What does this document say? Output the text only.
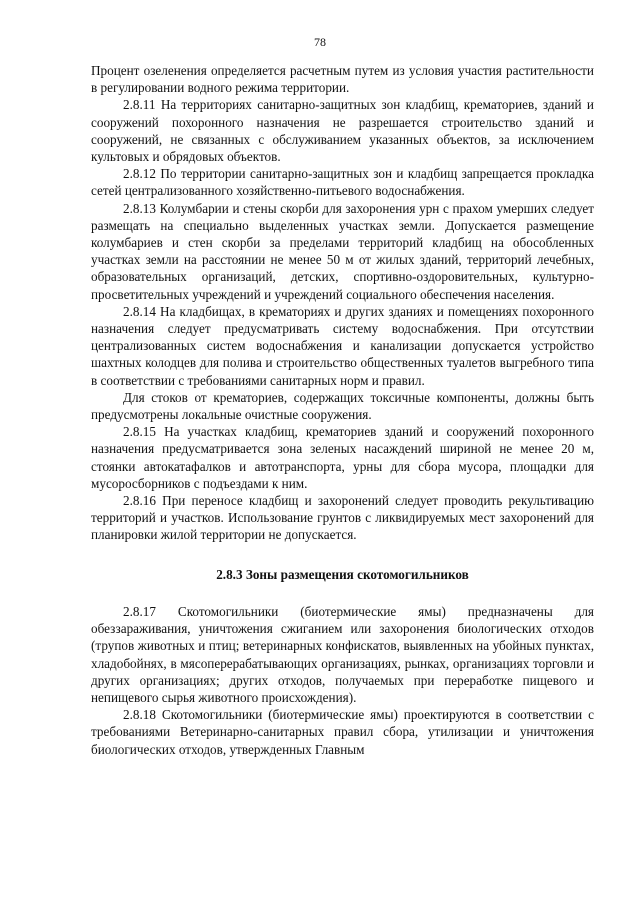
78

Процент озеленения определяется расчетным путем из условия участия растительности в регулировании водного режима территории.

2.8.11 На территориях санитарно-защитных зон кладбищ, крематориев, зданий и сооружений похоронного назначения не разрешается строительство зданий и сооружений, не связанных с обслуживанием указанных объектов, за исключением культовых и обрядовых объектов.

2.8.12 По территории санитарно-защитных зон и кладбищ запрещается прокладка сетей централизованного хозяйственно-питьевого водоснабжения.

2.8.13 Колумбарии и стены скорби для захоронения урн с прахом умерших следует размещать на специально выделенных участках земли. Допускается размещение колумбариев и стен скорби за пределами территорий кладбищ на обособленных участках земли на расстоянии не менее 50 м от жилых зданий, территорий лечебных, образовательных организаций, детских, спортивно-оздоровительных, культурно-просветительных учреждений и учреждений социального обеспечения населения.

2.8.14 На кладбищах, в крематориях и других зданиях и помещениях похоронного назначения следует предусматривать систему водоснабжения. При отсутствии централизованных систем водоснабжения и канализации допускается устройство шахтных колодцев для полива и строительство общественных туалетов выгребного типа в соответствии с требованиями санитарных норм и правил.

Для стоков от крематориев, содержащих токсичные компоненты, должны быть предусмотрены локальные очистные сооружения.

2.8.15 На участках кладбищ, крематориев зданий и сооружений похоронного назначения предусматривается зона зеленых насаждений шириной не менее 20 м, стоянки автокатафалков и автотранспорта, урны для сбора мусора, площадки для мусоросборников с подъездами к ним.

2.8.16 При переносе кладбищ и захоронений следует проводить рекультивацию территорий и участков. Использование грунтов с ликвидируемых мест захоронений для планировки жилой территории не допускается.

2.8.3 Зоны размещения скотомогильников

2.8.17 Скотомогильники (биотермические ямы) предназначены для обеззараживания, уничтожения сжиганием или захоронения биологических отходов (трупов животных и птиц; ветеринарных конфискатов, выявленных на убойных пунктах, хладобойнях, в мясоперерабатывающих организациях, рынках, организациях торговли и других организациях; других отходов, получаемых при переработке пищевого и непищевого сырья животного происхождения).

2.8.18 Скотомогильники (биотермические ямы) проектируются в соответствии с требованиями Ветеринарно-санитарных правил сбора, утилизации и уничтожения биологических отходов, утвержденных Главным
